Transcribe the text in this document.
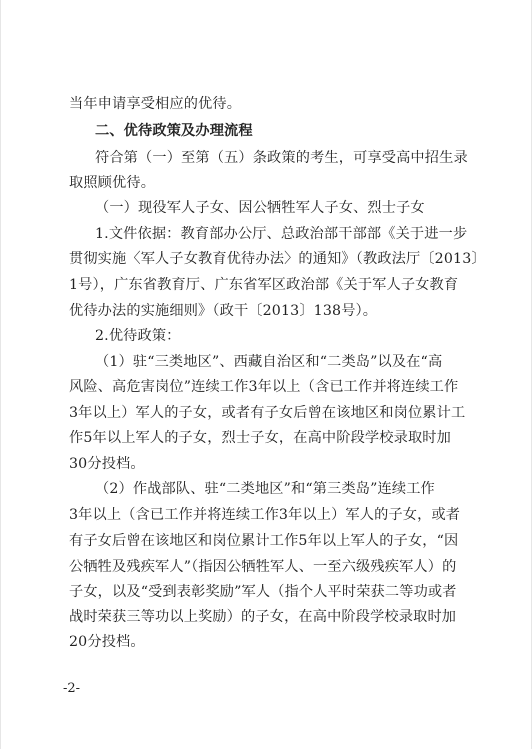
当年申请享受相应的优待。
二、优待政策及办理流程
符合第（一）至第（五）条政策的考生，可享受高中招生录
取照顾优待。
（一）现役军人子女、因公牺牲军人子女、烈士子女
1.文件依据：教育部办公厅、总政治部干部部《关于进一步
贯彻实施〈军人子女教育优待办法〉的通知》（教政法厅〔2013〕
1号），广东省教育厅、广东省军区政治部《关于军人子女教育
优待办法的实施细则》（政干〔2013〕138号）。
2.优待政策：
（1）驻“三类地区”、西藏自治区和“二类岛”以及在“高
风险、高危害岗位”连续工作3年以上（含已工作并将连续工作
3年以上）军人的子女，或者有子女后曾在该地区和岗位累计工
作5年以上军人的子女，烈士子女，在高中阶段学校录取时加
30分投档。
（2）作战部队、驻“二类地区”和“第三类岛”连续工作
3年以上（含已工作并将连续工作3年以上）军人的子女，或者
有子女后曾在该地区和岗位累计工作5年以上军人的子女，“因
公牺牲及残疾军人”（指因公牺牲军人、一至六级残疾军人）的
子女，以及“受到表彰奖励”军人（指个人平时荣获二等功或者
战时荣获三等功以上奖励）的子女，在高中阶段学校录取时加
20分投档。
-2-
